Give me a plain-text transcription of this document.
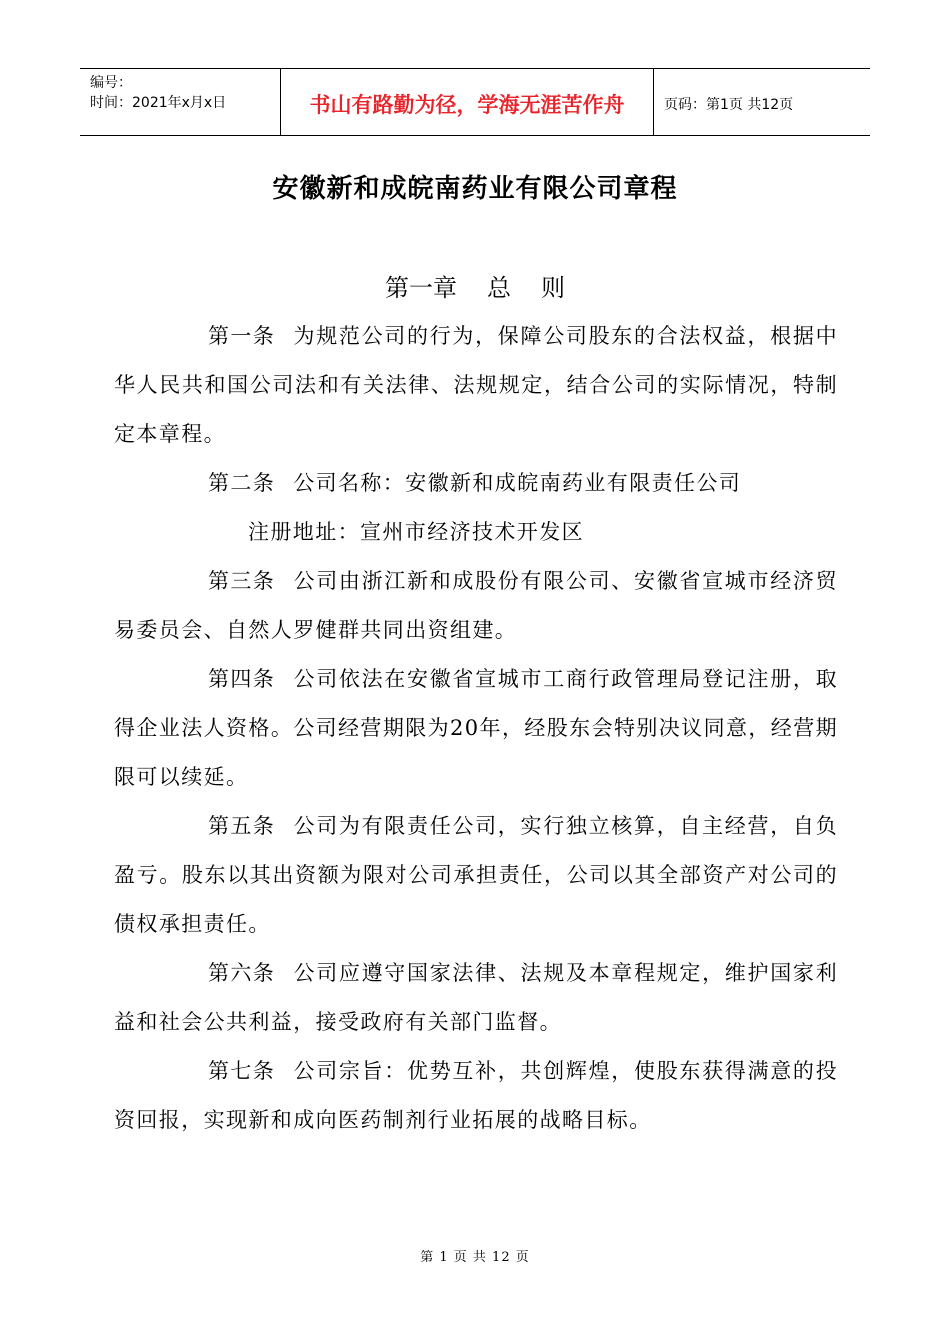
编号：
时间：2021年x月x日	书山有路勤为径，学海无涯苦作舟	页码：第1页 共12页
安徽新和成皖南药业有限公司章程
第一章 总 则

第一条 为规范公司的行为，保障公司股东的合法权益，根据中华人民共和国公司法和有关法律、法规规定，结合公司的实际情况，特制定本章程。

第二条 公司名称：安徽新和成皖南药业有限责任公司

注册地址：宣州市经济技术开发区

第三条 公司由浙江新和成股份有限公司、安徽省宣城市经济贸易委员会、自然人罗健群共同出资组建。

第四条 公司依法在安徽省宣城市工商行政管理局登记注册，取得企业法人资格。公司经营期限为20年，经股东会特别决议同意，经营期限可以续延。

第五条 公司为有限责任公司，实行独立核算，自主经营，自负盈亏。股东以其出资额为限对公司承担责任，公司以其全部资产对公司的债权承担责任。

第六条 公司应遵守国家法律、法规及本章程规定，维护国家利益和社会公共利益，接受政府有关部门监督。

第七条 公司宗旨：优势互补，共创辉煌，使股东获得满意的投资回报，实现新和成向医药制剂行业拓展的战略目标。

第 1 页 共 12 页
